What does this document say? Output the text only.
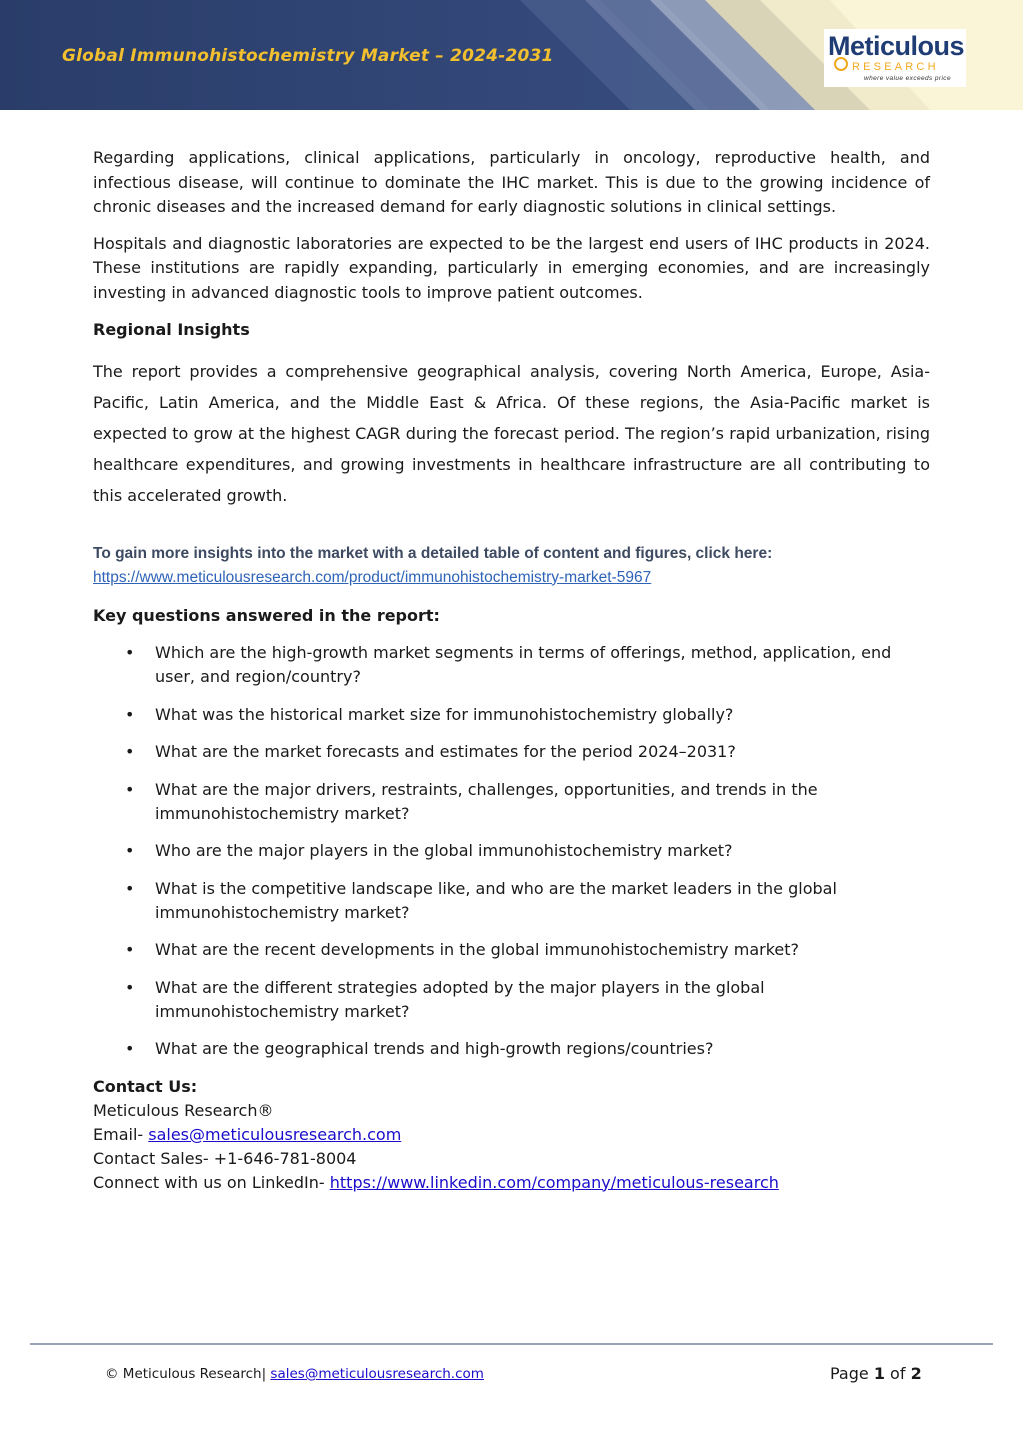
Global Immunohistochemistry Market – 2024-2031	Meticulous
RESEARCH
where value exceeds price

Regarding applications, clinical applications, particularly in oncology, reproductive health, and infectious disease, will continue to dominate the IHC market. This is due to the growing incidence of chronic diseases and the increased demand for early diagnostic solutions in clinical settings.

Hospitals and diagnostic laboratories are expected to be the largest end users of IHC products in 2024. These institutions are rapidly expanding, particularly in emerging economies, and are increasingly investing in advanced diagnostic tools to improve patient outcomes.

Regional Insights

The report provides a comprehensive geographical analysis, covering North America, Europe, Asia-Pacific, Latin America, and the Middle East & Africa. Of these regions, the Asia-Pacific market is expected to grow at the highest CAGR during the forecast period. The region’s rapid urbanization, rising healthcare expenditures, and growing investments in healthcare infrastructure are all contributing to this accelerated growth.

To gain more insights into the market with a detailed table of content and figures, click here:

https://www.meticulousresearch.com/product/immunohistochemistry-market-5967

Key questions answered in the report:

• Which are the high-growth market segments in terms of offerings, method, application, end user, and region/country?
• What was the historical market size for immunohistochemistry globally?
• What are the market forecasts and estimates for the period 2024–2031?
• What are the major drivers, restraints, challenges, opportunities, and trends in the immunohistochemistry market?
• Who are the major players in the global immunohistochemistry market?
• What is the competitive landscape like, and who are the market leaders in the global immunohistochemistry market?
• What are the recent developments in the global immunohistochemistry market?
• What are the different strategies adopted by the major players in the global immunohistochemistry market?
• What are the geographical trends and high-growth regions/countries?
Contact Us:
Meticulous Research®
Email- sales@meticulousresearch.com
Contact Sales- +1-646-781-8004
Connect with us on LinkedIn- https://www.linkedin.com/company/meticulous-research
© Meticulous Research| sales@meticulousresearch.com	Page 1 of 2
